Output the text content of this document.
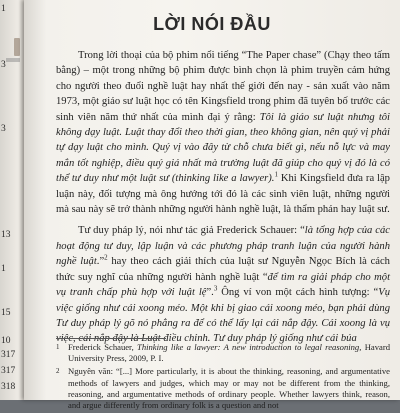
1
3
3
13
1
15
10
317
317
318
LỜI NÓI ĐẦU

Trong lời thoại của bộ phim nổi tiếng “The Paper chase” (Chạy theo tấm bằng) – một trong những bộ phim được bình chọn là phim truyền cảm hứng cho người theo đuổi nghề luật hay nhất thế giới đến nay - sản xuất vào năm 1973, một giáo sư luật học có tên Kingsfield trong phim đã tuyên bố trước các sinh viên năm thứ nhất của mình đại ý rằng: Tôi là giáo sư luật nhưng tôi không dạy luật. Luật thay đổi theo thời gian, theo không gian, nên quý vị phải tự dạy luật cho mình. Quý vị vào đây từ chỗ chưa biết gì, nếu nỗ lực và may mắn tốt nghiệp, điều quý giá nhất mà trường luật đã giúp cho quý vị đó là có thể tư duy như một luật sư (thinking like a lawyer).$^1$ Khi Kingsfield đưa ra lập luận này, đối tượng mà ông hướng tới đó là các sinh viên luật, những người mà sau này sẽ trở thành những người hành nghề luật, là thẩm phán hay luật sư.

Tư duy pháp lý, nói như tác giả Frederick Schauer: “là tổng hợp của các hoạt động tư duy, lập luận và các phương pháp tranh luận của người hành nghề luật.”$^2$ hay theo cách giải thích của luật sư Nguyễn Ngọc Bích là cách thức suy nghĩ của những người hành nghề luật “để tìm ra giải pháp cho một vụ tranh chấp phù hợp với luật lệ”.$^3$ Ông ví von một cách hình tượng: “Vụ việc giống như cái xoong méo. Một khi bị giao cái xoong méo, bạn phải dùng Tư duy pháp lý gõ nó phẳng ra để có thể lấy lại cái nắp đậy. Cái xoong là vụ việc, cái nắp đậy là Luật điều chỉnh. Tư duy pháp lý giống như cái búa

1 Frederick Schauer, Thinking like a lawyer: A new introduction to legal reasoning, Havard University Press, 2009, P. I.
2 Nguyên văn: “[...] More particularly, it is about the thinking, reasoning, and argumentative methods of lawyers and judges, which may or may not be different from the thinking, reasoning, and argumentative methods of ordinary people. Whether lawyers think, reason, and argue differently from ordinary folk is a question and not
